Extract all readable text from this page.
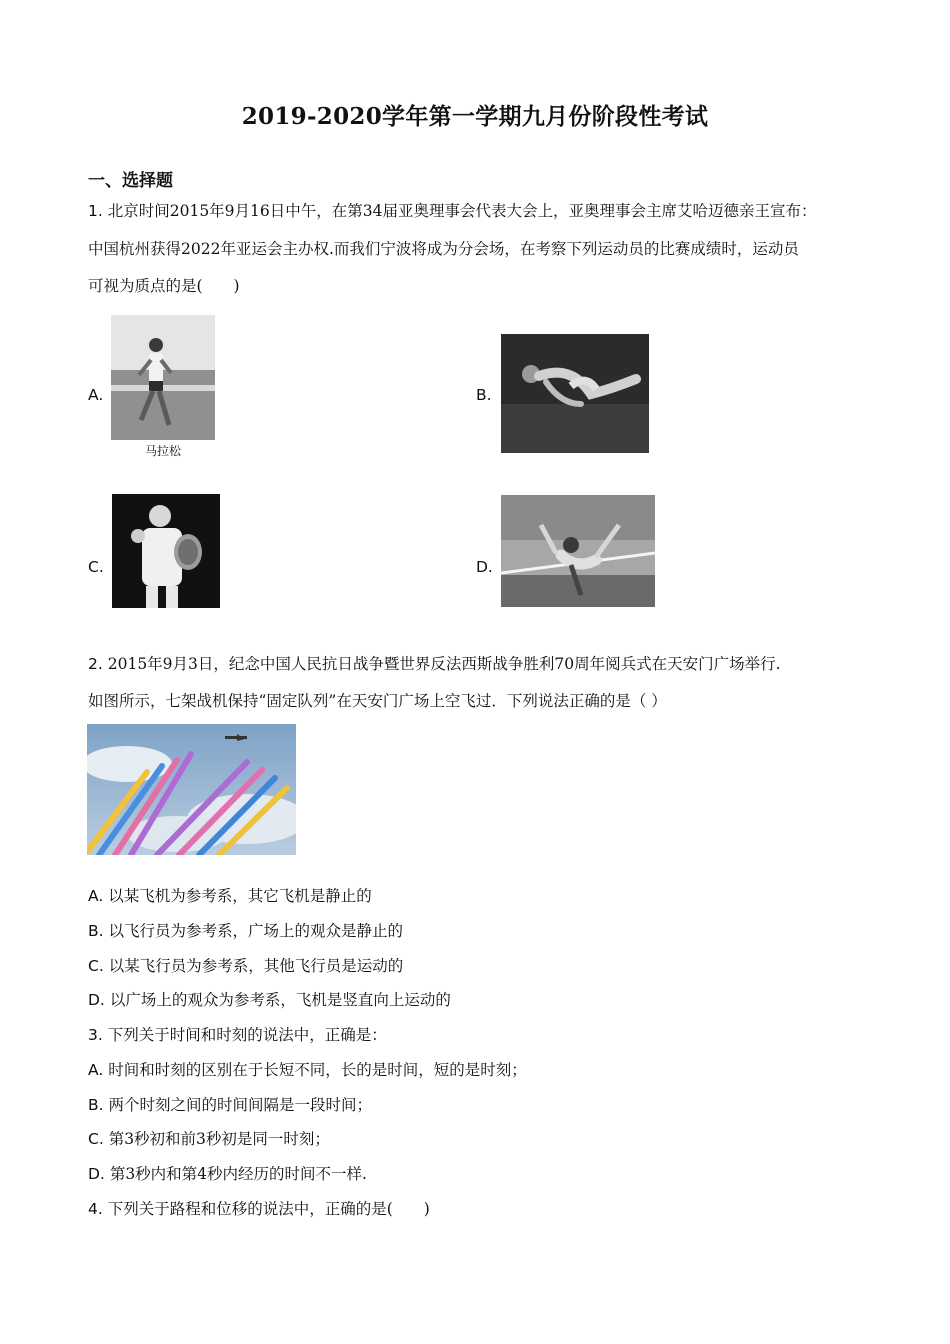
2019-2020学年第一学期九月份阶段性考试
一、选择题
1. 北京时间2015年9月16日中午，在第34届亚奥理事会代表大会上，亚奥理事会主席艾哈迈德亲王宣布：
中国杭州获得2022年亚运会主办权.而我们宁波将成为分会场，在考察下列运动员的比赛成绩时，运动员
可视为质点的是(　　)
A.
马拉松
B.
C.	D.
2. 2015年9月3日，纪念中国人民抗日战争暨世界反法西斯战争胜利70周年阅兵式在天安门广场举行.
如图所示，七架战机保持“固定队列”在天安门广场上空飞过．下列说法正确的是（ ）
A. 以某飞机为参考系，其它飞机是静止的
B. 以飞行员为参考系，广场上的观众是静止的
C. 以某飞行员为参考系，其他飞行员是运动的
D. 以广场上的观众为参考系，飞机是竖直向上运动的
3. 下列关于时间和时刻的说法中，正确是：
A. 时间和时刻的区别在于长短不同，长的是时间，短的是时刻；
B. 两个时刻之间的时间间隔是一段时间；
C. 第3秒初和前3秒初是同一时刻；
D. 第3秒内和第4秒内经历的时间不一样.
4. 下列关于路程和位移的说法中，正确的是(　　)
